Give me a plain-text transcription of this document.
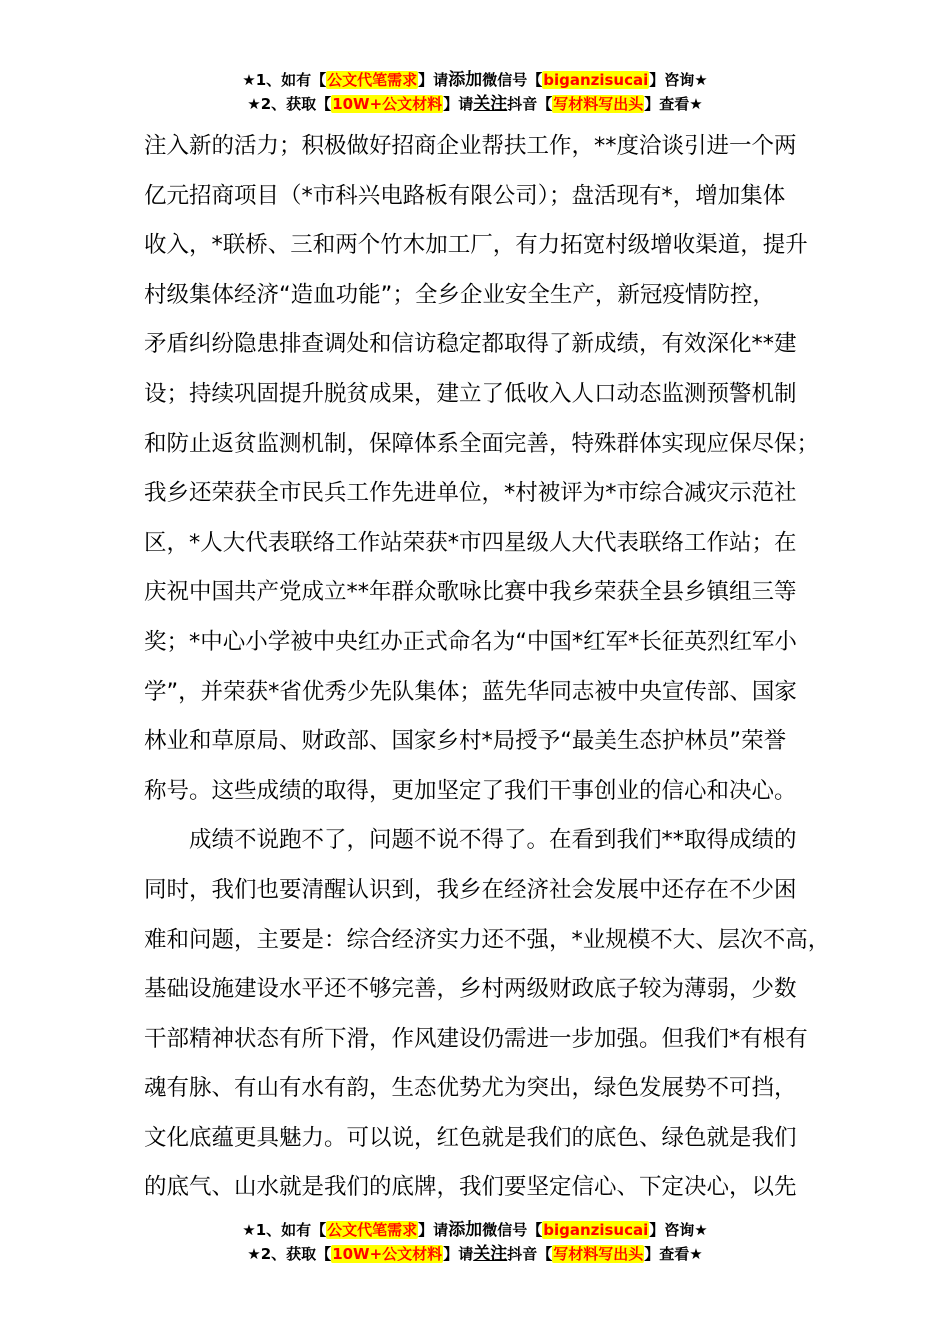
★1、如有【公文代笔需求】请添加微信号【biganzisucai】咨询★
★2、获取【10W+公文材料】请关注抖音【写材料写出头】查看★

注入新的活力；积极做好招商企业帮扶工作，**度洽谈引进一个两
亿元招商项目（*市科兴电路板有限公司）；盘活现有*，增加集体
收入，*联桥、三和两个竹木加工厂，有力拓宽村级增收渠道，提升
村级集体经济“造血功能”；全乡企业安全生产，新冠疫情防控，
矛盾纠纷隐患排查调处和信访稳定都取得了新成绩，有效深化**建
设；持续巩固提升脱贫成果，建立了低收入人口动态监测预警机制
和防止返贫监测机制，保障体系全面完善，特殊群体实现应保尽保；
我乡还荣获全市民兵工作先进单位，*村被评为*市综合减灾示范社
区，*人大代表联络工作站荣获*市四星级人大代表联络工作站；在
庆祝中国共产党成立**年群众歌咏比赛中我乡荣获全县乡镇组三等
奖；*中心小学被中央红办正式命名为“中国*红军*长征英烈红军小
学”，并荣获*省优秀少先队集体；蓝先华同志被中央宣传部、国家
林业和草原局、财政部、国家乡村*局授予“最美生态护林员”荣誉
称号。这些成绩的取得，更加坚定了我们干事创业的信心和决心。

成绩不说跑不了，问题不说不得了。在看到我们**取得成绩的
同时，我们也要清醒认识到，我乡在经济社会发展中还存在不少困
难和问题，主要是：综合经济实力还不强，*业规模不大、层次不高，
基础设施建设水平还不够完善，乡村两级财政底子较为薄弱，少数
干部精神状态有所下滑，作风建设仍需进一步加强。但我们*有根有
魂有脉、有山有水有韵，生态优势尤为突出，绿色发展势不可挡，
文化底蕴更具魅力。可以说，红色就是我们的底色、绿色就是我们
的底气、山水就是我们的底牌，我们要坚定信心、下定决心，以先

★1、如有【公文代笔需求】请添加微信号【biganzisucai】咨询★
★2、获取【10W+公文材料】请关注抖音【写材料写出头】查看★
